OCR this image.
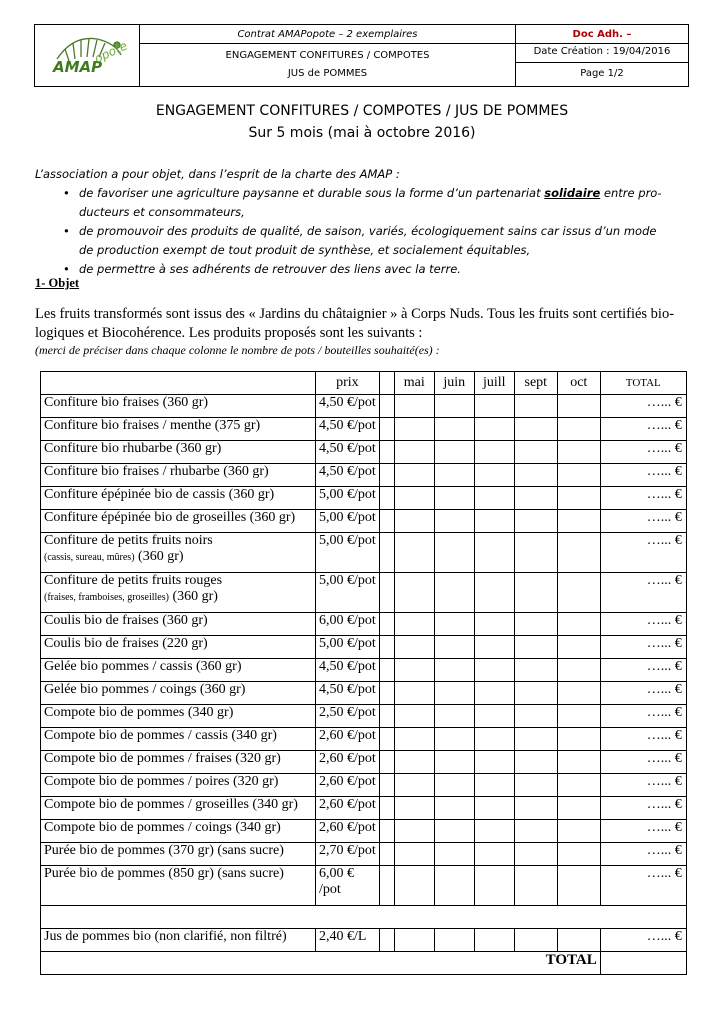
AMAP
opote
Contrat AMAPopote – 2 exemplaires
ENGAGEMENT CONFITURES / COMPOTES
JUS de POMMES
Doc Adh. –
Date Création : 19/04/2016
Page 1/2
ENGAGEMENT CONFITURES / COMPOTES / JUS DE POMMES
Sur 5 mois (mai à octobre 2016)
L’association a pour objet, dans l’esprit de la charte des AMAP :
• de favoriser une agriculture paysanne et durable sous la forme d’un partenariat solidaire entre pro-
ducteurs et consommateurs,
• de promouvoir des produits de qualité, de saison, variés, écologiquement sains car issus d’un mode
de production exempt de tout produit de synthèse, et socialement équitables,
• de permettre à ses adhérents de retrouver des liens avec la terre.
1- Objet
Les fruits transformés sont issus des « Jardins du châtaignier » à Corps Nuds. Tous les fruits sont certifiés bio-
logiques et Biocohérence. Les produits proposés sont les suivants :
(merci de préciser dans chaque colonne le nombre de pots / bouteilles souhaité(es) :
	prix		mai	juin	juill	sept	oct	TOTAL
Confiture bio fraises (360 gr)	4,50 €/pot							…... €
Confiture bio fraises / menthe (375 gr)	4,50 €/pot							…... €
Confiture bio rhubarbe (360 gr)	4,50 €/pot							…... €
Confiture bio fraises / rhubarbe (360 gr)	4,50 €/pot							…... €
Confiture épépinée bio de cassis (360 gr)	5,00 €/pot							…... €
Confiture épépinée bio de groseilles (360 gr)	5,00 €/pot							…... €
Confiture de petits fruits noirs
(cassis, sureau, mûres) (360 gr)	5,00 €/pot							…... €
Confiture de petits fruits rouges
(fraises, framboises, groseilles) (360 gr)	5,00 €/pot							…... €
Coulis bio de fraises (360 gr)	6,00 €/pot							…... €
Coulis bio de fraises (220 gr)	5,00 €/pot							…... €
Gelée bio pommes / cassis (360 gr)	4,50 €/pot							…... €
Gelée bio pommes / coings (360 gr)	4,50 €/pot							…... €
Compote bio de pommes (340 gr)	2,50 €/pot							…... €
Compote bio de pommes / cassis (340 gr)	2,60 €/pot							…... €
Compote bio de pommes / fraises (320 gr)	2,60 €/pot							…... €
Compote bio de pommes / poires (320 gr)	2,60 €/pot							…... €
Compote bio de pommes / groseilles (340 gr)	2,60 €/pot							…... €
Compote bio de pommes / coings (340 gr)	2,60 €/pot							…... €
Purée bio de pommes (370 gr) (sans sucre)	2,70 €/pot							…... €
Purée bio de pommes (850 gr) (sans sucre)	6,00 €
/pot							…... €

Jus de pommes bio (non clarifié, non filtré)	2,40 €/L							…... €
TOTAL								
